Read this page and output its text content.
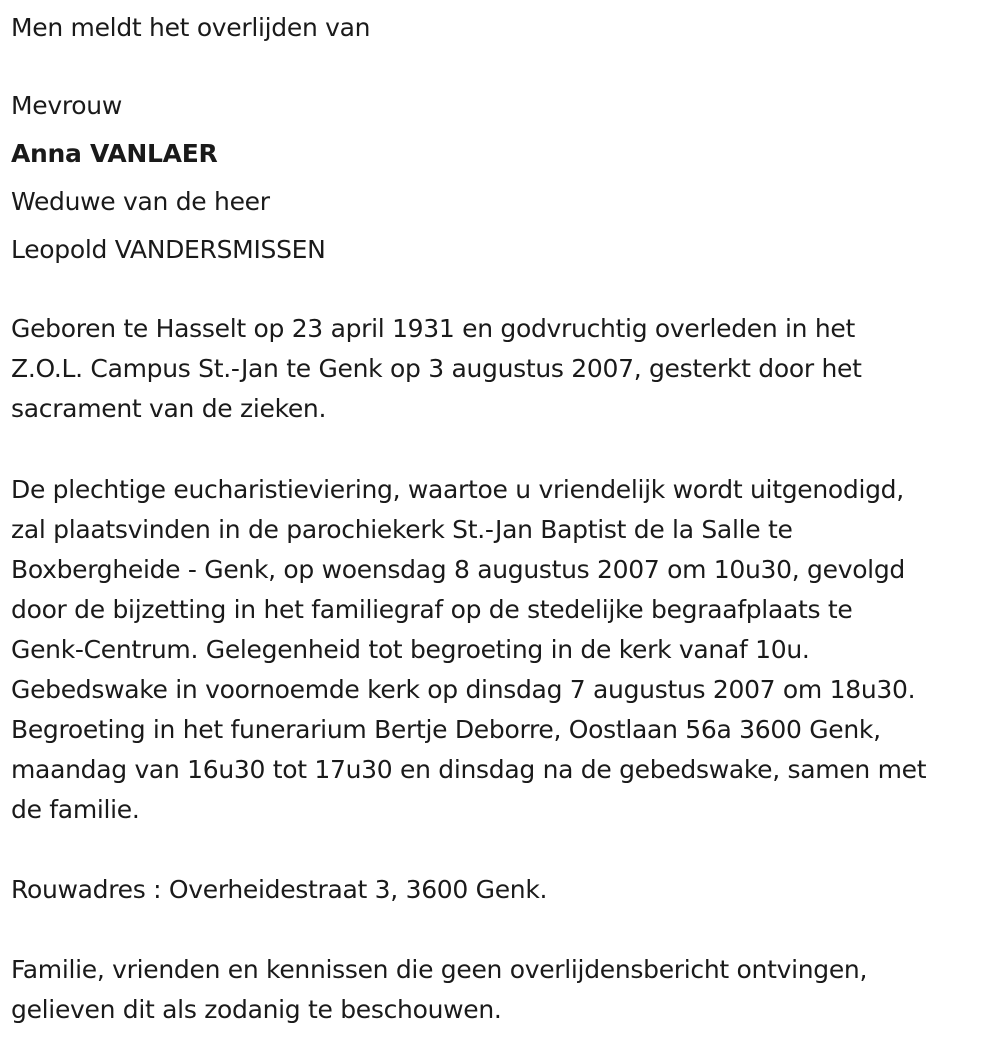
Men meldt het overlijden van
Mevrouw
Anna VANLAER
Weduwe van de heer
Leopold VANDERSMISSEN
Geboren te Hasselt op 23 april 1931 en godvruchtig overleden in het
Z.O.L. Campus St.-Jan te Genk op 3 augustus 2007, gesterkt door het
sacrament van de zieken.
De plechtige eucharistieviering, waartoe u vriendelijk wordt uitgenodigd,
zal plaatsvinden in de parochiekerk St.-Jan Baptist de la Salle te
Boxbergheide - Genk, op woensdag 8 augustus 2007 om 10u30, gevolgd
door de bijzetting in het familiegraf op de stedelijke begraafplaats te
Genk-Centrum. Gelegenheid tot begroeting in de kerk vanaf 10u.
Gebedswake in voornoemde kerk op dinsdag 7 augustus 2007 om 18u30.
Begroeting in het funerarium Bertje Deborre, Oostlaan 56a 3600 Genk,
maandag van 16u30 tot 17u30 en dinsdag na de gebedswake, samen met
de familie.
Rouwadres : Overheidestraat 3, 3600 Genk.
Familie, vrienden en kennissen die geen overlijdensbericht ontvingen,
gelieven dit als zodanig te beschouwen.
